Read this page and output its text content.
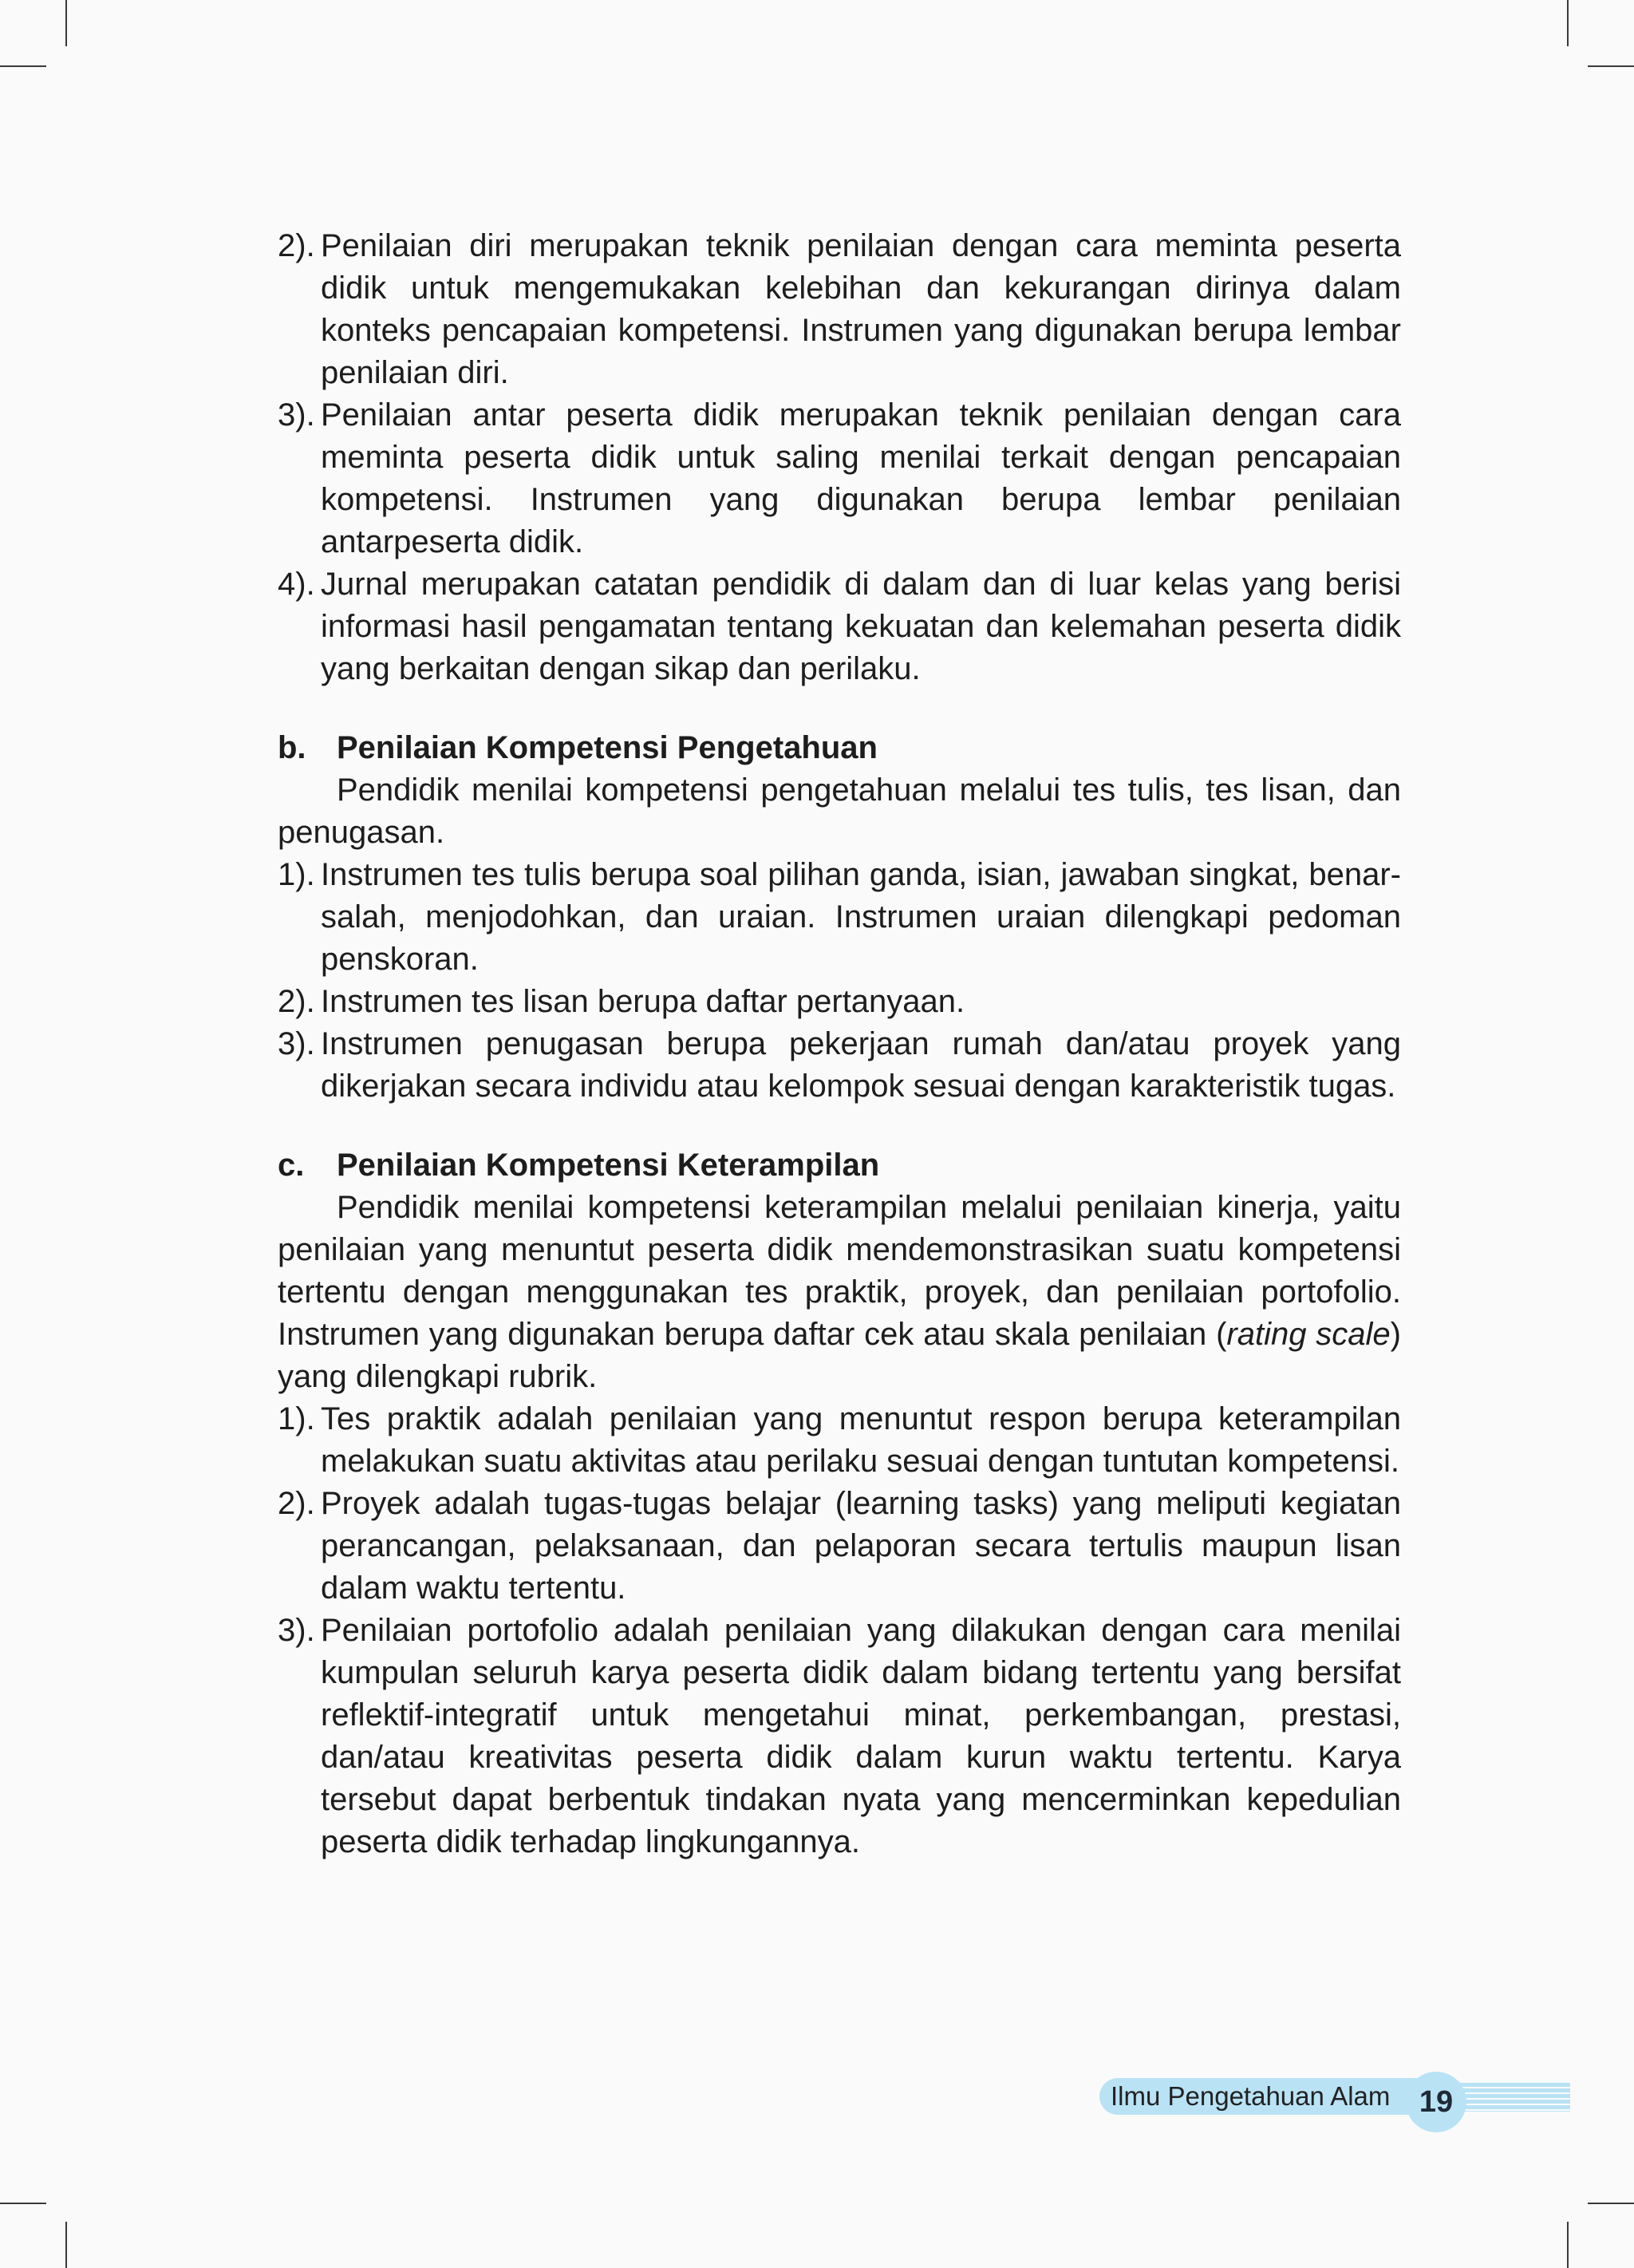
2). Penilaian diri merupakan teknik penilaian dengan cara meminta peserta didik untuk mengemukakan kelebihan dan kekurangan dirinya dalam konteks pencapaian kompetensi. Instrumen yang digunakan berupa lembar penilaian diri.
3). Penilaian antar peserta didik merupakan teknik penilaian dengan cara meminta peserta didik untuk saling menilai terkait dengan pencapaian kompetensi. Instrumen yang digunakan berupa lembar penilaian antarpeserta didik.
4). Jurnal merupakan catatan pendidik di dalam dan di luar kelas yang berisi informasi hasil pengamatan tentang kekuatan dan kelemahan peserta didik yang berkaitan dengan sikap dan perilaku.
b. Penilaian Kompetensi Pengetahuan
Pendidik menilai kompetensi pengetahuan melalui tes tulis, tes lisan, dan penugasan.
1). Instrumen tes tulis berupa soal pilihan ganda, isian, jawaban singkat, benar-salah, menjodohkan, dan uraian. Instrumen uraian dilengkapi pedoman penskoran.
2). Instrumen tes lisan berupa daftar pertanyaan.
3). Instrumen penugasan berupa pekerjaan rumah dan/atau proyek yang dikerjakan secara individu atau kelompok sesuai dengan karakteristik tugas.
c. Penilaian Kompetensi Keterampilan
Pendidik menilai kompetensi keterampilan melalui penilaian kinerja, yaitu penilaian yang menuntut peserta didik mendemonstrasikan suatu kompetensi tertentu dengan menggunakan tes praktik, proyek, dan penilaian portofolio. Instrumen yang digunakan berupa daftar cek atau skala penilaian (rating scale) yang dilengkapi rubrik.
1). Tes praktik adalah penilaian yang menuntut respon berupa keterampilan melakukan suatu aktivitas atau perilaku sesuai dengan tuntutan kompetensi.
2). Proyek adalah tugas-tugas belajar (learning tasks) yang meliputi kegiatan perancangan, pelaksanaan, dan pelaporan secara tertulis maupun lisan dalam waktu tertentu.
3). Penilaian portofolio adalah penilaian yang dilakukan dengan cara menilai kumpulan seluruh karya peserta didik dalam bidang tertentu yang bersifat reflektif-integratif untuk mengetahui minat, perkembangan, prestasi, dan/atau kreativitas peserta didik dalam kurun waktu tertentu. Karya tersebut dapat berbentuk tindakan nyata yang mencerminkan kepedulian peserta didik terhadap lingkungannya.
Ilmu Pengetahuan Alam 19
